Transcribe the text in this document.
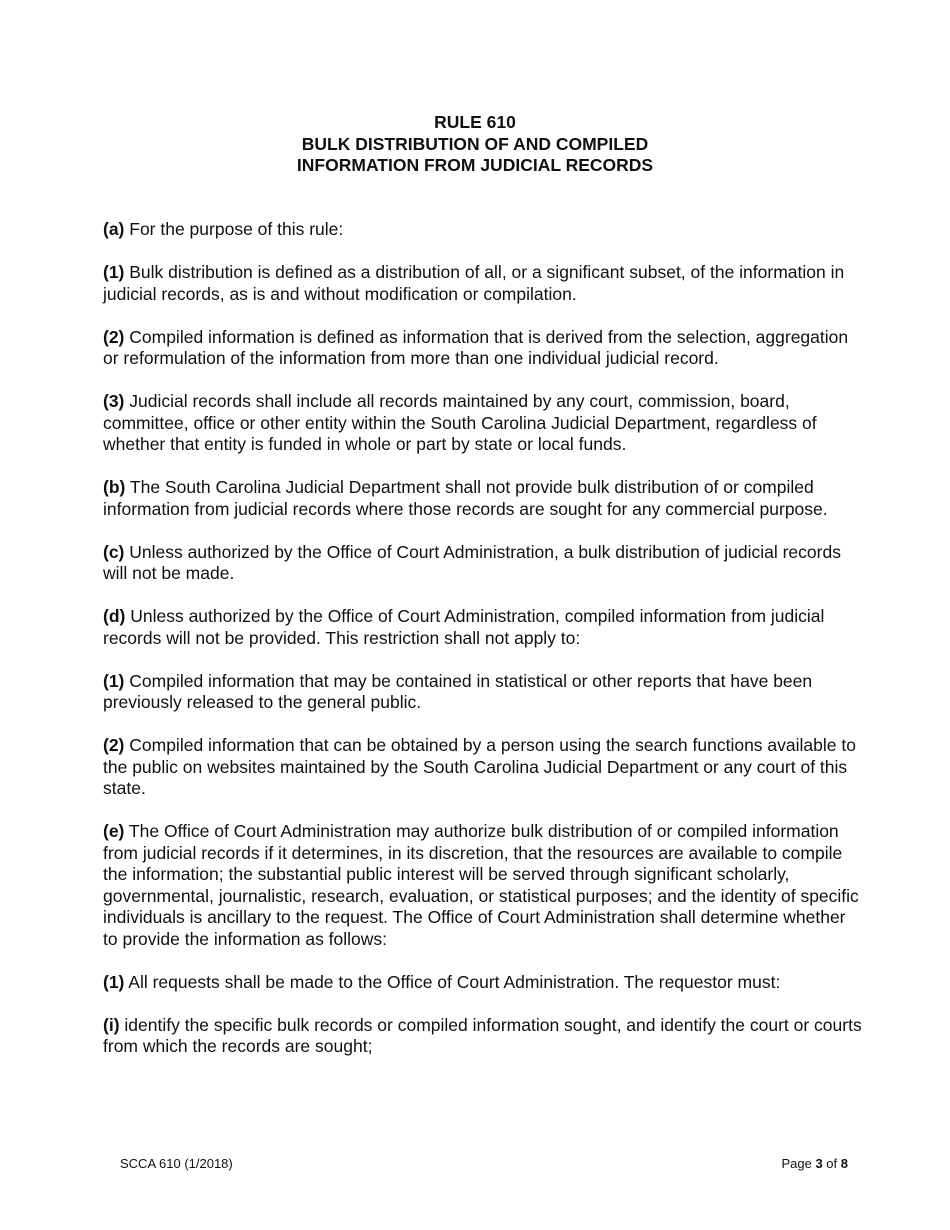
RULE 610
BULK DISTRIBUTION OF AND COMPILED
INFORMATION FROM JUDICIAL RECORDS

(a) For the purpose of this rule:

(1) Bulk distribution is defined as a distribution of all, or a significant subset, of the information in judicial records, as is and without modification or compilation.

(2) Compiled information is defined as information that is derived from the selection, aggregation or reformulation of the information from more than one individual judicial record.

(3) Judicial records shall include all records maintained by any court, commission, board, committee, office or other entity within the South Carolina Judicial Department, regardless of whether that entity is funded in whole or part by state or local funds.

(b) The South Carolina Judicial Department shall not provide bulk distribution of or compiled information from judicial records where those records are sought for any commercial purpose.

(c) Unless authorized by the Office of Court Administration, a bulk distribution of judicial records will not be made.

(d) Unless authorized by the Office of Court Administration, compiled information from judicial records will not be provided. This restriction shall not apply to:

(1) Compiled information that may be contained in statistical or other reports that have been previously released to the general public.

(2) Compiled information that can be obtained by a person using the search functions available to the public on websites maintained by the South Carolina Judicial Department or any court of this state.

(e) The Office of Court Administration may authorize bulk distribution of or compiled information from judicial records if it determines, in its discretion, that the resources are available to compile the information; the substantial public interest will be served through significant scholarly, governmental, journalistic, research, evaluation, or statistical purposes; and the identity of specific individuals is ancillary to the request. The Office of Court Administration shall determine whether to provide the information as follows:

(1) All requests shall be made to the Office of Court Administration. The requestor must:

(i) identify the specific bulk records or compiled information sought, and identify the court or courts from which the records are sought;

SCCA 610 (1/2018)	Page 3 of 8
